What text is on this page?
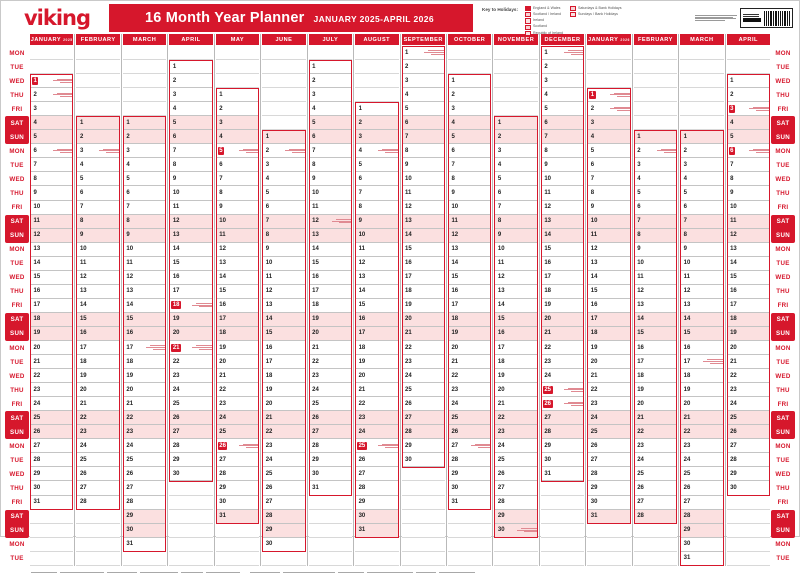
viking	16 Month Year Planner JANUARY 2025-APRIL 2026
Key to Holidays:	England & Wales
Scotland / Ireland
Ireland
Scotland
Republic of Ireland
Saturdays & Bank Holidays
Sundays / Bank Holidays
MON
TUE
WED
THU
FRI
SAT
SUN
MON
TUE
WED
THU
FRI
SAT
SUN
MON
TUE
WED
THU
FRI
SAT
SUN
MON
TUE
WED
THU
FRI
SAT
SUN
MON
TUE
WED
THU
FRI
SAT
SUN
MON
TUE
JANUARY 2025
1
2
3
4
5
6
7
8
9
10
11
12
13
14
15
16
17
18
19
20
21
22
23
24
25
26
27
28
29
30
31
FEBRUARY
1
2
3
4
5
6
7
8
9
10
11
12
13
14
15
16
17
18
19
20
21
22
23
24
25
26
27
28
MARCH
1
2
3
4
5
6
7
8
9
10
11
12
13
14
15
16
17
18
19
20
21
22
23
24
25
26
27
28
29
30
31
APRIL
1
2
3
4
5
6
7
8
9
10
11
12
13
14
15
16
17
18
19
20
21
22
23
24
25
26
27
28
29
30
MAY
1
2
3
4
5
6
7
8
9
10
11
12
13
14
15
16
17
18
19
20
21
22
23
24
25
26
27
28
29
30
31
JUNE
1
2
3
4
5
6
7
8
9
10
11
12
13
14
15
16
17
18
19
20
21
22
23
24
25
26
27
28
29
30
JULY
1
2
3
4
5
6
7
8
9
10
11
12
13
14
15
16
17
18
19
20
21
22
23
24
25
26
27
28
29
30
31
AUGUST
1
2
3
4
5
6
7
8
9
10
11
12
13
14
15
16
17
18
19
20
21
22
23
24
25
26
27
28
29
30
31
SEPTEMBER
1
2
3
4
5
6
7
8
9
10
11
12
13
14
15
16
17
18
19
20
21
22
23
24
25
26
27
28
29
30
OCTOBER
1
2
3
4
5
6
7
8
9
10
11
12
13
14
15
16
17
18
19
20
21
22
23
24
25
26
27
28
29
30
31
NOVEMBER
1
2
3
4
5
6
7
8
9
10
11
12
13
14
15
16
17
18
19
20
21
22
23
24
25
26
27
28
29
30
DECEMBER
1
2
3
4
5
6
7
8
9
10
11
12
13
14
15
16
17
18
19
20
21
22
23
24
25
26
27
28
29
30
31
JANUARY 2026
1
2
3
4
5
6
7
8
9
10
11
12
13
14
15
16
17
18
19
20
21
22
23
24
25
26
27
28
29
30
31
FEBRUARY
1
2
3
4
5
6
7
8
9
10
11
12
13
14
15
16
17
18
19
20
21
22
23
24
25
26
27
28
MARCH
1
2
3
4
5
6
7
8
9
10
11
12
13
14
15
16
17
18
19
20
21
22
23
24
25
26
27
28
29
30
31
APRIL
1
2
3
4
5
6
7
8
9
10
11
12
13
14
15
16
17
18
19
20
21
22
23
24
25
26
27
28
29
30
MON
TUE
WED
THU
FRI
SAT
SUN
MON
TUE
WED
THU
FRI
SAT
SUN
MON
TUE
WED
THU
FRI
SAT
SUN
MON
TUE
WED
THU
FRI
SAT
SUN
MON
TUE
WED
THU
FRI
SAT
SUN
MON
TUE
